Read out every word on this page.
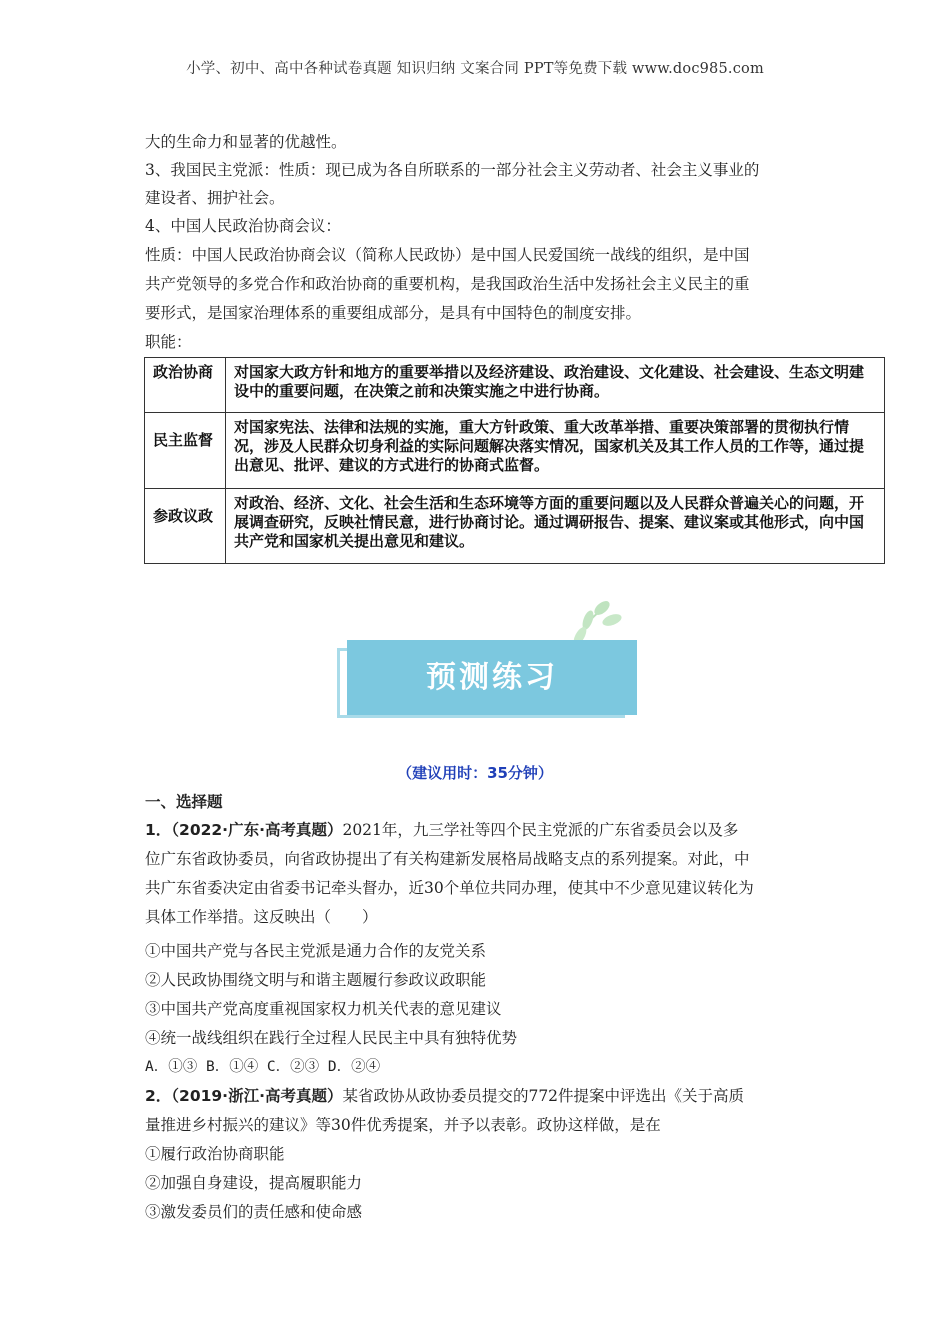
小学、初中、高中各种试卷真题 知识归纳 文案合同 PPT等免费下载 www.doc985.com
大的生命力和显著的优越性。
3、我国民主党派：性质：现已成为各自所联系的一部分社会主义劳动者、社会主义事业的
建设者、拥护社会。
4、中国人民政治协商会议：
性质：中国人民政治协商会议（简称人民政协）是中国人民爱国统一战线的组织，是中国
共产党领导的多党合作和政治协商的重要机构，是我国政治生活中发扬社会主义民主的重
要形式，是国家治理体系的重要组成部分，是具有中国特色的制度安排。
职能：
政治协商	对国家大政方针和地方的重要举措以及经济建设、政治建设、文化建设、社会建设、生态文明建设中的重要问题，在决策之前和决策实施之中进行协商。
民主监督	对国家宪法、法律和法规的实施，重大方针政策、重大改革举措、重要决策部署的贯彻执行情况，涉及人民群众切身利益的实际问题解决落实情况，国家机关及其工作人员的工作等，通过提出意见、批评、建议的方式进行的协商式监督。
参政议政	对政治、经济、文化、社会生活和生态环境等方面的重要问题以及人民群众普遍关心的问题，开展调查研究，反映社情民意，进行协商讨论。通过调研报告、提案、建议案或其他形式，向中国共产党和国家机关提出意见和建议。
预测练习
（建议用时：35分钟）
一、选择题
1．（2022·广东·高考真题）2021年，九三学社等四个民主党派的广东省委员会以及多
位广东省政协委员，向省政协提出了有关构建新发展格局战略支点的系列提案。对此，中
共广东省委决定由省委书记牵头督办，近30个单位共同办理，使其中不少意见建议转化为
具体工作举措。这反映出（　　）
①中国共产党与各民主党派是通力合作的友党关系
②人民政协围绕文明与和谐主题履行参政议政职能
③中国共产党高度重视国家权力机关代表的意见建议
④统一战线组织在践行全过程人民民主中具有独特优势
A．①③ B．①④ C．②③ D．②④
2．（2019·浙江·高考真题）某省政协从政协委员提交的772件提案中评选出《关于高质
量推进乡村振兴的建议》等30件优秀提案，并予以表彰。政协这样做，是在
①履行政治协商职能
②加强自身建设，提高履职能力
③激发委员们的责任感和使命感
